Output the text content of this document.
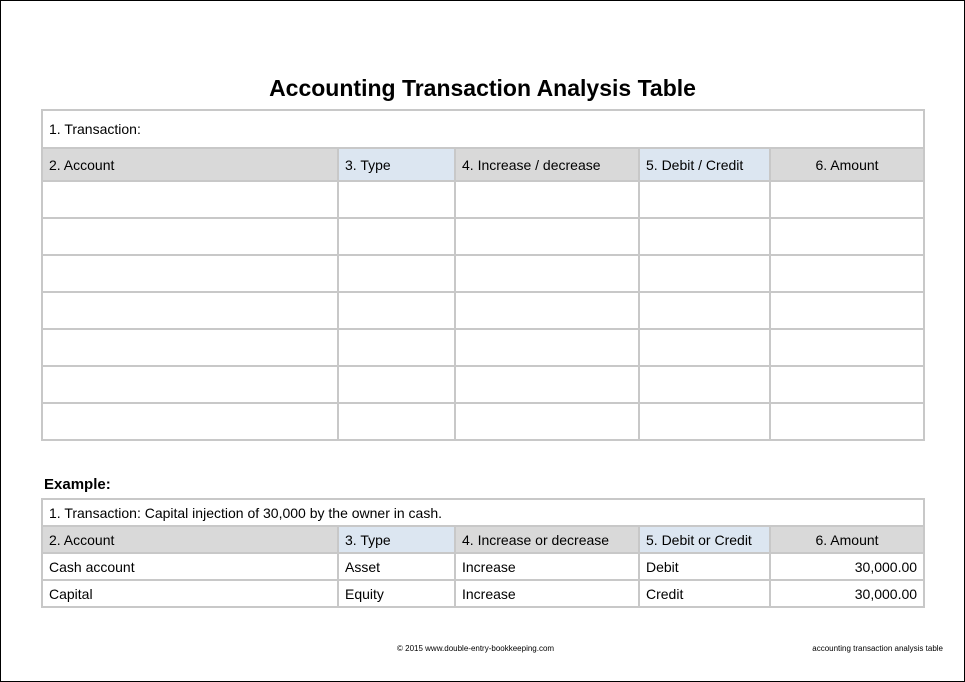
Accounting Transaction Analysis Table
1. Transaction:				
2. Account	3. Type	4. Increase / decrease	5. Debit / Credit	6. Amount

Example:
1. Transaction: Capital injection of 30,000 by the owner in cash.				
2. Account	3. Type	4. Increase or decrease	5. Debit or Credit	6. Amount
Cash account	Asset	Increase	Debit	30,000.00
Capital	Equity	Increase	Credit	30,000.00
© 2015 www.double-entry-bookkeeping.com	accounting transaction analysis table
